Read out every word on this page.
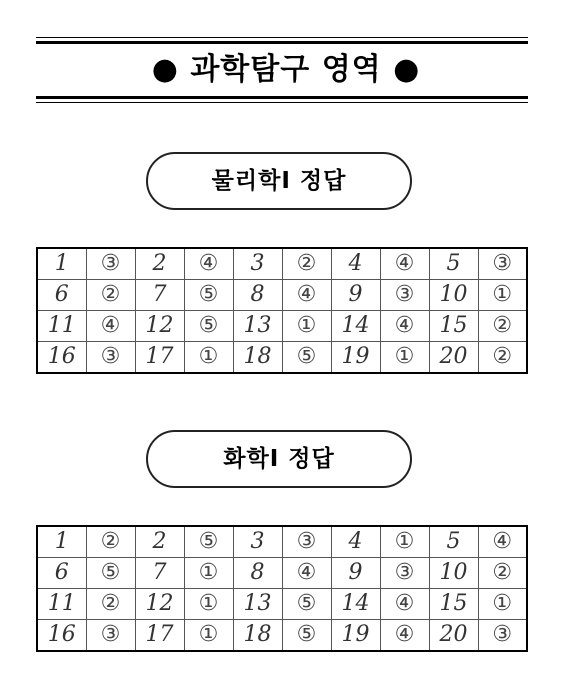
● 과학탐구 영역 ●
물리학Ⅰ 정답
1	③	2	④	3	②	4	④	5	③
6	②	7	⑤	8	④	9	③	10	①
11	④	12	⑤	13	①	14	④	15	②
16	③	17	①	18	⑤	19	①	20	②
화학Ⅰ 정답
1	②	2	⑤	3	③	4	①	5	④
6	⑤	7	①	8	④	9	③	10	②
11	②	12	①	13	⑤	14	④	15	①
16	③	17	①	18	⑤	19	④	20	③
